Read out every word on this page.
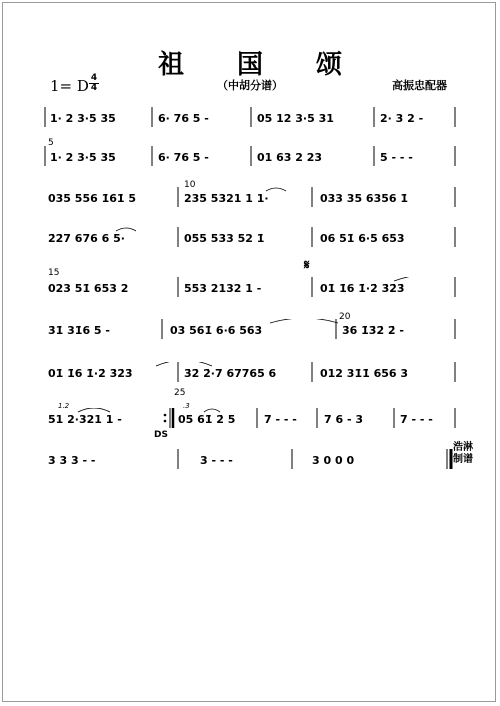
祖 国 颂
（中胡分谱）
1= D 4
4	高振忠配器
1· 2 3·5 35	6· 76 5 -	05 12 3·5 31	2· 3 2 -
5
1· 2 3·5 35	6· 76 5 -	01 63 2 23	5 - - -
10
035 556 1̇6̇1̇ 5	235 5321 1 1·	033 35 6356 1̇
2̇2̇7 676 6 5·	055 533 52 1̇	06 51̇ 6·5 653
15	𝄋
023 51̇ 653 2	553 2132 1 -	01̇ 1̇6 1̇·2̇ 3̇2̇3̇
20
3̇1̇ 31̇6 5 -	03 561̇ 6·6 563	3̇6 1̇3̇2̇ 2̇ -
01̇ 1̇6 1̇·2̇ 3̇2̇3̇	3̇2̇ 2̇·7 67765 6	012 31̇1̇ 656 3
25
1.2	.3
51 2·321 1 -	05 61̇ 2̇ 5	7 - - - 7 6 - 3	7 - - -
DS
3 3 3 - -	3 - - -	3 0 0 0
浩淋
制谱
